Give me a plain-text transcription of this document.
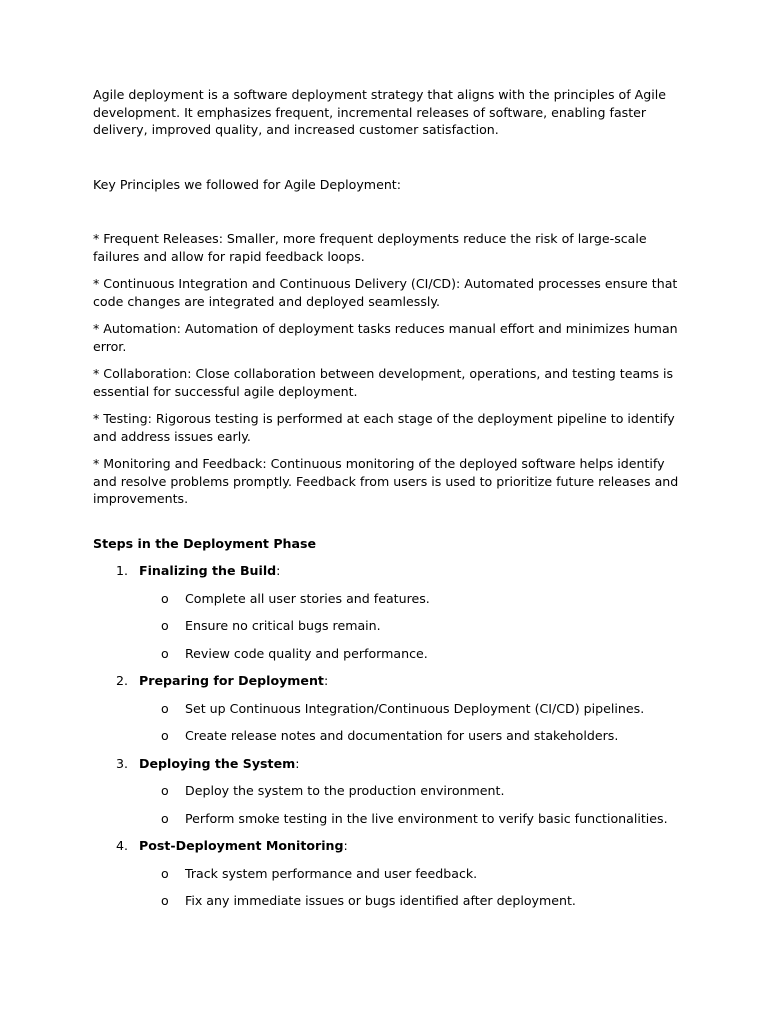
Agile deployment is a software deployment strategy that aligns with the principles of Agile development. It emphasizes frequent, incremental releases of software, enabling faster delivery, improved quality, and increased customer satisfaction.

Key Principles we followed for Agile Deployment:

* Frequent Releases: Smaller, more frequent deployments reduce the risk of large-scale failures and allow for rapid feedback loops.

* Continuous Integration and Continuous Delivery (CI/CD): Automated processes ensure that code changes are integrated and deployed seamlessly.

* Automation: Automation of deployment tasks reduces manual effort and minimizes human error.

* Collaboration: Close collaboration between development, operations, and testing teams is essential for successful agile deployment.

* Testing: Rigorous testing is performed at each stage of the deployment pipeline to identify and address issues early.

* Monitoring and Feedback: Continuous monitoring of the deployed software helps identify and resolve problems promptly. Feedback from users is used to prioritize future releases and improvements.

Steps in the Deployment Phase

1. Finalizing the Build:

o Complete all user stories and features.
o Ensure no critical bugs remain.
o Review code quality and performance.
2. Preparing for Deployment:

o Set up Continuous Integration/Continuous Deployment (CI/CD) pipelines.
o Create release notes and documentation for users and stakeholders.
3. Deploying the System:

o Deploy the system to the production environment.
o Perform smoke testing in the live environment to verify basic functionalities.
4. Post-Deployment Monitoring:

o Track system performance and user feedback.
o Fix any immediate issues or bugs identified after deployment.
